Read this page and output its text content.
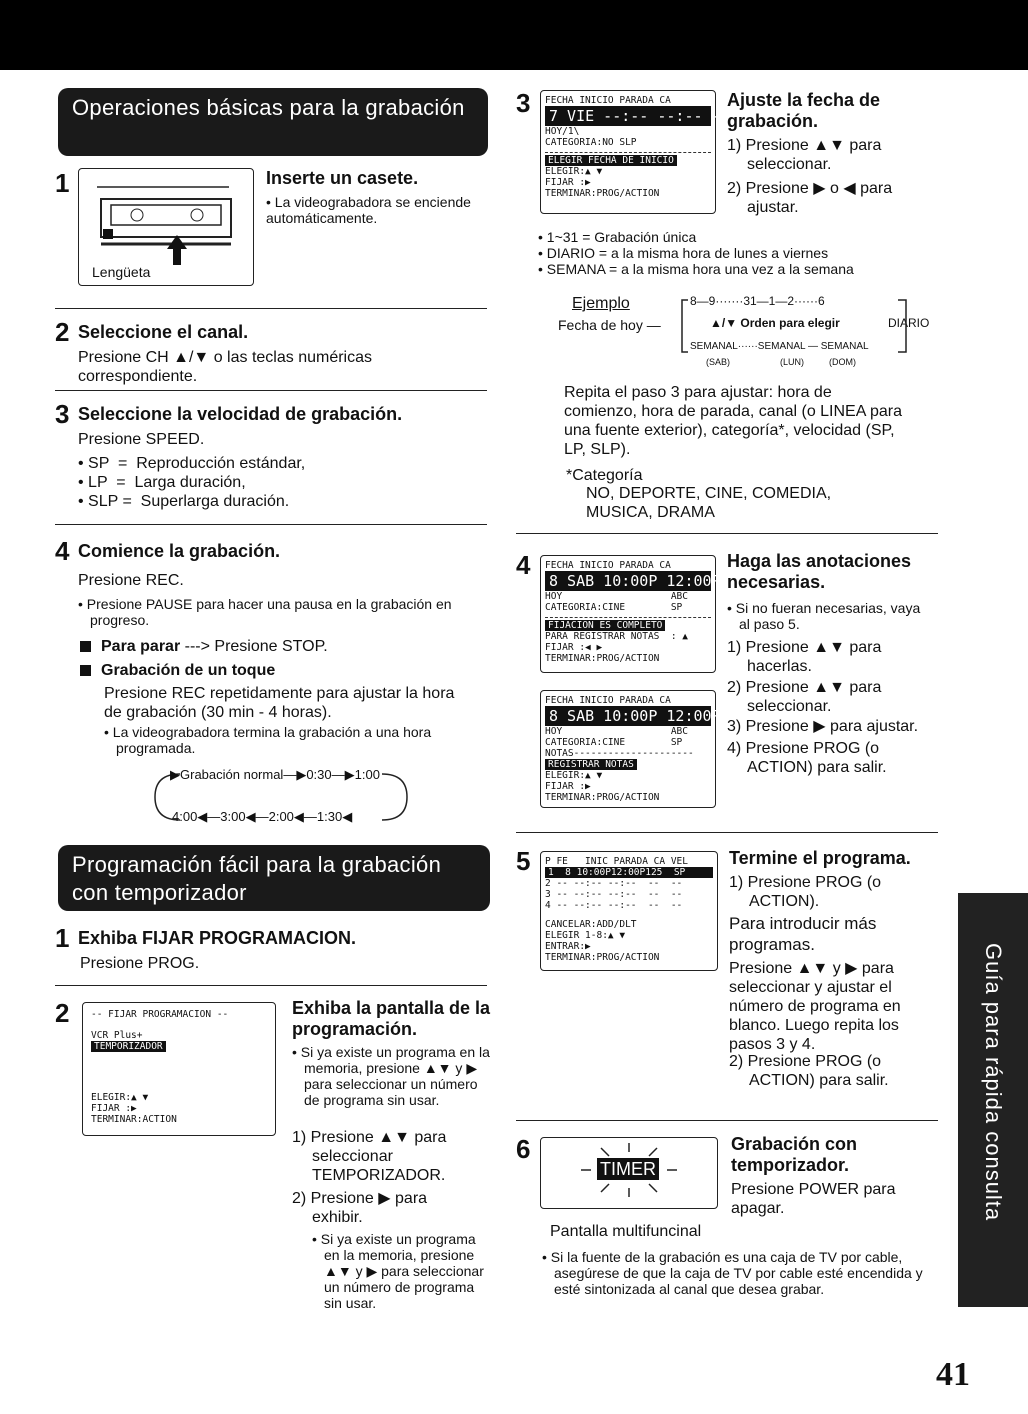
Operaciones básicas para la grabación
1
Lengüeta
Inserte un casete.
• La videograbadora se enciende automáticamente.
2 Seleccione el canal.
Presione CH ▲/▼ o las teclas numéricas correspondiente.
3 Seleccione la velocidad de grabación.
Presione SPEED.
• SP  =  Reproducción estándar,
• LP  =  Larga duración,
• SLP =  Superlarga duración.
4 Comience la grabación.
Presione REC.
• Presione PAUSE para hacer una pausa en la grabación en progreso.
Para parar ---> Presione STOP.
Grabación de un toque
Presione REC repetidamente para ajustar la hora de grabación (30 min - 4 horas).
• La videograbadora termina la grabación a una hora programada.
▶Grabación normal—▶0:30—▶1:00
4:00◀—3:00◀—2:00◀—1:30◀
Programación fácil para la grabación con temporizador
1 Exhiba FIJAR PROGRAMACION.
Presione PROG.
2 -- FIJAR PROGRAMACION --
VCR Plus+
TEMPORIZADOR
ELEGIR:▲ ▼
FIJAR :▶
TERMINAR:ACTION
Exhiba la pantalla de la programación.
• Si ya existe un programa en la memoria, presione ▲▼ y ▶ para seleccionar un número de programa sin usar.
1) Presione ▲▼ para seleccionar TEMPORIZADOR.
2) Presione ▶ para exhibir.
• Si ya existe un programa en la memoria, presione ▲▼ y ▶ para seleccionar un número de programa sin usar.
3 FECHA INICIO PARADA CA
7 VIE --:-- --:-- --
HOY/1\
CATEGORIA:NO SLP
ELEGIR FECHA DE INICIO
ELEGIR:▲ ▼
FIJAR :▶
TERMINAR:PROG/ACTION
Ajuste la fecha de grabación.
1) Presione ▲▼ para seleccionar.
2) Presione ▶ o ◀ para ajustar.
• 1~31 = Grabación única
• DIARIO = a la misma hora de lunes a viernes
• SEMANA = a la misma hora una vez a la semana
Ejemplo
Fecha de hoy —
8—9·······31—1—2······6
▲/▼ Orden para elegir	DIARIO
SEMANAL······SEMANAL — SEMANAL
(SAB)                    (LUN)          (DOM)
Repita el paso 3 para ajustar: hora de comienzo, hora de parada, canal (o LINEA para una fuente exterior), categoría*, velocidad (SP, LP, SLP).
*Categoría
NO, DEPORTE, CINE, COMEDIA, MUSICA, DRAMA
4 FECHA INICIO PARADA CA
8 SAB 10:00P 12:00P 125
HOY                   ABC
CATEGORIA:CINE        SP
FIJACION ES COMPLETO
PARA REGISTRAR NOTAS  : ▲
FIJAR :◀ ▶
TERMINAR:PROG/ACTION
FECHA INICIO PARADA CA
8 SAB 10:00P 12:00P 125
HOY                   ABC
CATEGORIA:CINE        SP
NOTAS---------------------
REGISTRAR NOTAS
ELEGIR:▲ ▼
FIJAR :▶
TERMINAR:PROG/ACTION
Haga las anotaciones necesarias.
• Si no fueran necesarias, vaya al paso 5.
1) Presione ▲▼ para hacerlas.
2) Presione ▲▼ para seleccionar.
3) Presione ▶ para ajustar.
4) Presione PROG (o ACTION) para salir.
5 P FE   INIC PARADA CA VEL
1  8 10:00P12:00P125  SP
2 -- --:-- --:--  --  --
3 -- --:-- --:--  --  --
4 -- --:-- --:--  --  --
CANCELAR:ADD/DLT
ELEGIR 1-8:▲ ▼
ENTRAR:▶
TERMINAR:PROG/ACTION
Termine el programa.
1) Presione PROG (o ACTION).
Para introducir más programas.
Presione ▲▼ y ▶ para seleccionar y ajustar el número de programa en blanco. Luego repita los pasos 3 y 4.
2) Presione PROG (o ACTION) para salir.
6
TIMER
Grabación con temporizador.
Presione POWER para apagar.
Pantalla multifuncinal
• Si la fuente de la grabación es una caja de TV por cable, asegúrese de que la caja de TV por cable esté encendida y esté sintonizada al canal que desea grabar.
Guía para rápida consulta
41
